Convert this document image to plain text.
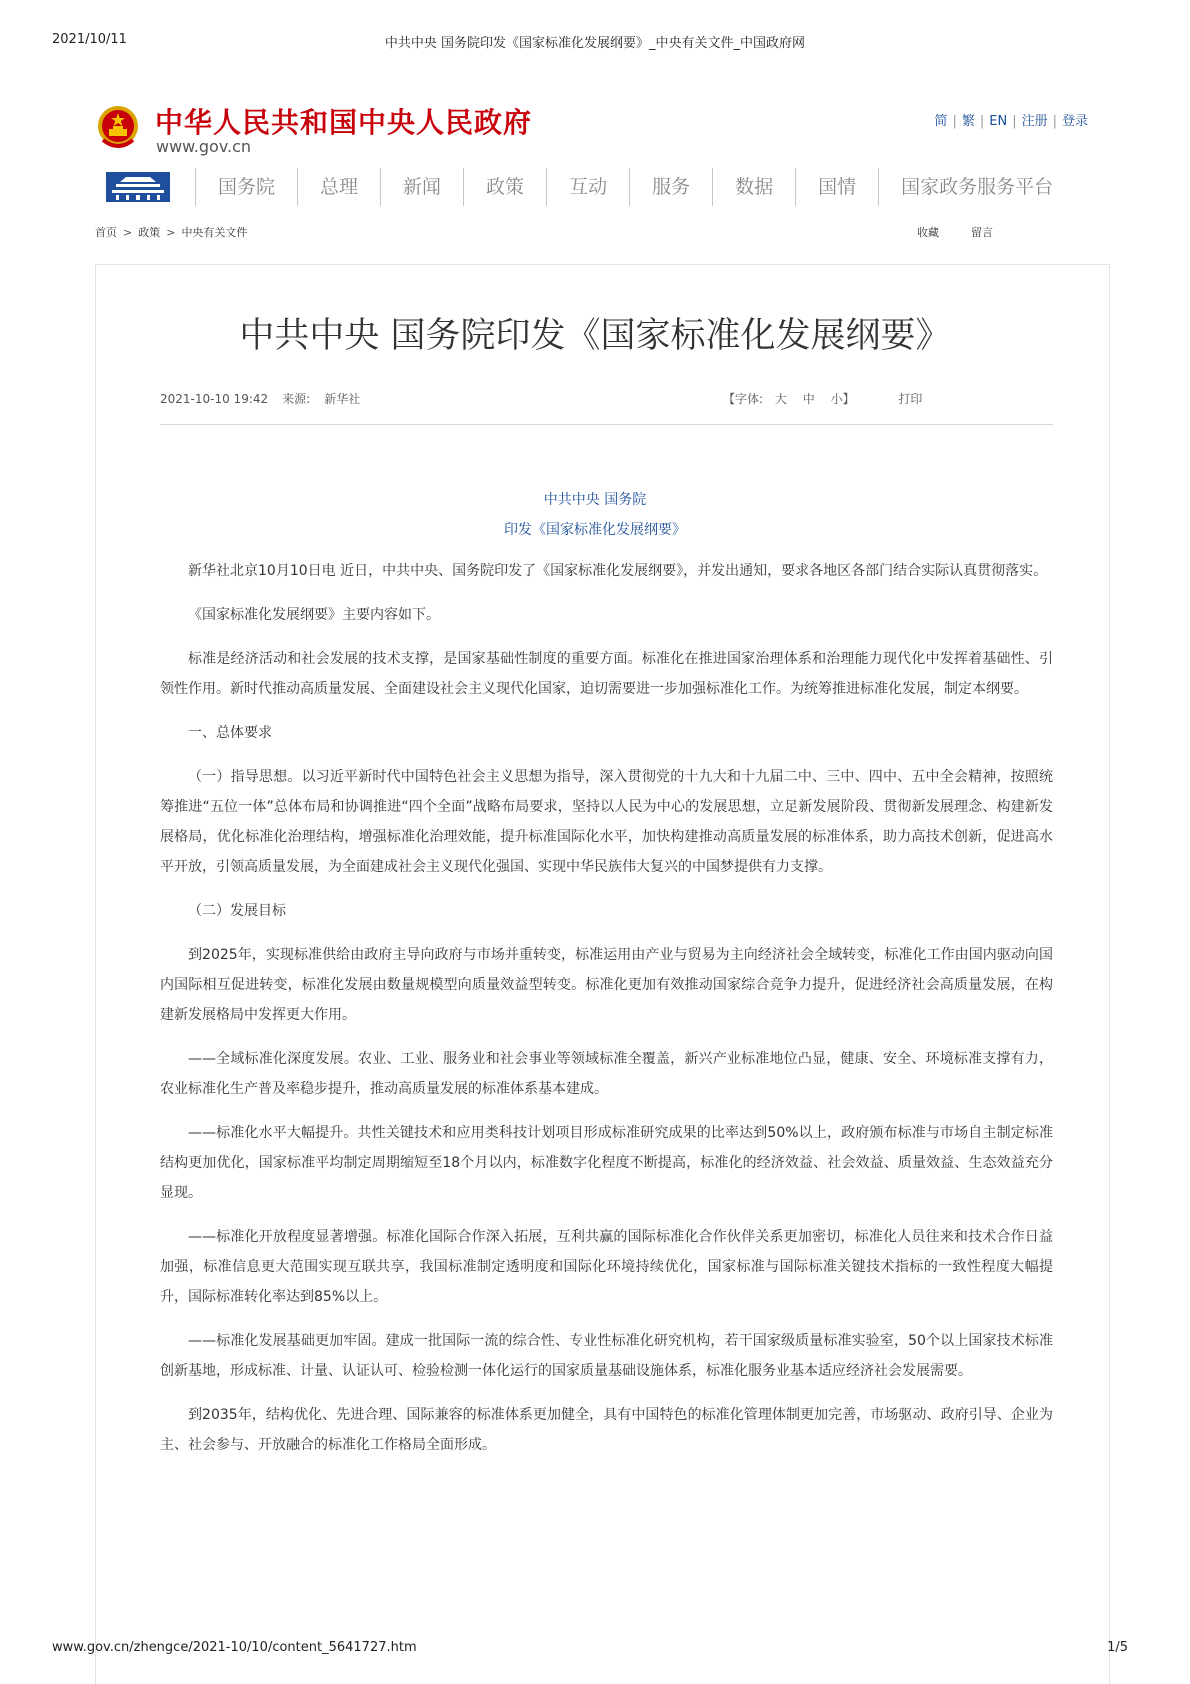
2021/10/11	中共中央 国务院印发《国家标准化发展纲要》_中央有关文件_中国政府网
中华人民共和国中央人民政府
www.gov.cn
简 | 繁 | EN | 注册 | 登录
国务院	总理	新闻	政策	互动	服务	数据	国情	国家政务服务平台
首页 > 政策 > 中央有关文件	收藏	留言
中共中央 国务院印发《国家标准化发展纲要》
2021-10-10 19:42 来源: 新华社	【字体: 大 中 小】	打印
中共中央 国务院
印发《国家标准化发展纲要》

新华社北京10月10日电 近日，中共中央、国务院印发了《国家标准化发展纲要》，并发出通知，要求各地区各部门结合实际认真贯彻落实。

《国家标准化发展纲要》主要内容如下。

标准是经济活动和社会发展的技术支撑，是国家基础性制度的重要方面。标准化在推进国家治理体系和治理能力现代化中发挥着基础性、引领性作用。新时代推动高质量发展、全面建设社会主义现代化国家，迫切需要进一步加强标准化工作。为统筹推进标准化发展，制定本纲要。

一、总体要求

（一）指导思想。以习近平新时代中国特色社会主义思想为指导，深入贯彻党的十九大和十九届二中、三中、四中、五中全会精神，按照统筹推进“五位一体”总体布局和协调推进“四个全面”战略布局要求，坚持以人民为中心的发展思想，立足新发展阶段、贯彻新发展理念、构建新发展格局，优化标准化治理结构，增强标准化治理效能，提升标准国际化水平，加快构建推动高质量发展的标准体系，助力高技术创新，促进高水平开放，引领高质量发展，为全面建成社会主义现代化强国、实现中华民族伟大复兴的中国梦提供有力支撑。

（二）发展目标

到2025年，实现标准供给由政府主导向政府与市场并重转变，标准运用由产业与贸易为主向经济社会全域转变，标准化工作由国内驱动向国内国际相互促进转变，标准化发展由数量规模型向质量效益型转变。标准化更加有效推动国家综合竞争力提升，促进经济社会高质量发展，在构建新发展格局中发挥更大作用。

——全域标准化深度发展。农业、工业、服务业和社会事业等领域标准全覆盖，新兴产业标准地位凸显，健康、安全、环境标准支撑有力，农业标准化生产普及率稳步提升，推动高质量发展的标准体系基本建成。

——标准化水平大幅提升。共性关键技术和应用类科技计划项目形成标准研究成果的比率达到50%以上，政府颁布标准与市场自主制定标准结构更加优化，国家标准平均制定周期缩短至18个月以内，标准数字化程度不断提高，标准化的经济效益、社会效益、质量效益、生态效益充分显现。

——标准化开放程度显著增强。标准化国际合作深入拓展，互利共赢的国际标准化合作伙伴关系更加密切，标准化人员往来和技术合作日益加强，标准信息更大范围实现互联共享，我国标准制定透明度和国际化环境持续优化，国家标准与国际标准关键技术指标的一致性程度大幅提升，国际标准转化率达到85%以上。

——标准化发展基础更加牢固。建成一批国际一流的综合性、专业性标准化研究机构，若干国家级质量标准实验室，50个以上国家技术标准创新基地，形成标准、计量、认证认可、检验检测一体化运行的国家质量基础设施体系，标准化服务业基本适应经济社会发展需要。

到2035年，结构优化、先进合理、国际兼容的标准体系更加健全，具有中国特色的标准化管理体制更加完善，市场驱动、政府引导、企业为主、社会参与、开放融合的标准化工作格局全面形成。

www.gov.cn/zhengce/2021-10/10/content_5641727.htm	1/5
